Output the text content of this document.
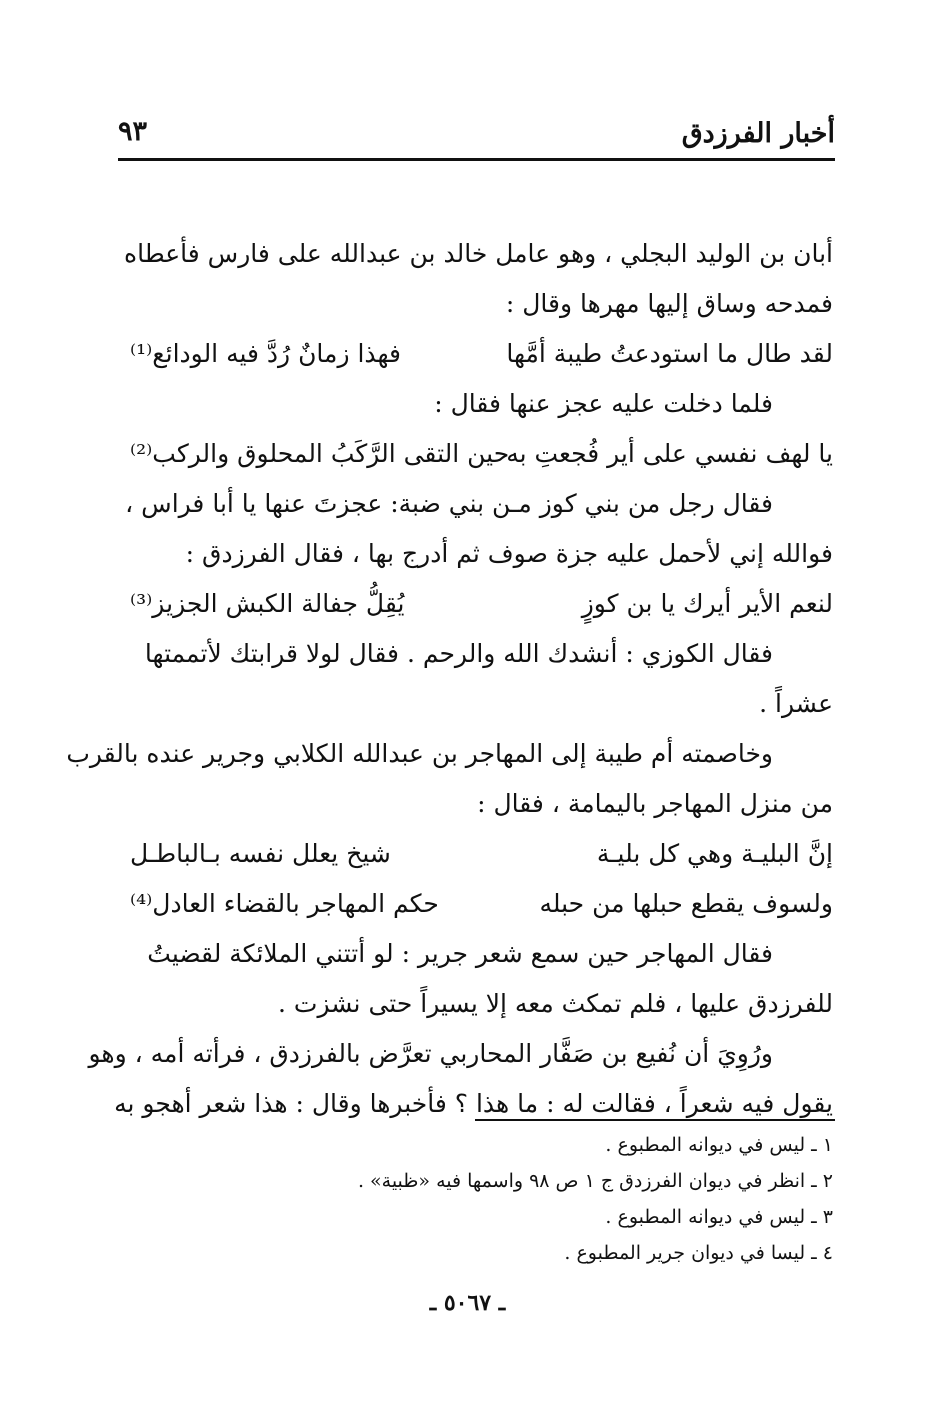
أخبار الفرزدق
٩٣
أبان بن الوليد البجلي ، وهو عامل خالد بن عبدالله على فارس فأعطاه
فمدحه وساق إليها مهرها وقال :
لقد طال ما استودعتُ طيبة أمَّها
فهذا زمانٌ رُدَّ فيه الودائع⁽¹⁾
فلما دخلت عليه عجز عنها فقال :
يا لهف نفسي على أير فُجعتِ به
حين التقى الرَّكَبُ المحلوق والركب⁽²⁾
فقال رجل من بني كوز مـن بني ضبة: عجزتَ عنها يا أبا فراس ،
فوالله إني لأحمل عليه جزة صوف ثم أدرج بها ، فقال الفرزدق :
لنعم الأير أيرك يا بن كوزٍ
يُقِلُّ جفالة الكبش الجزيز⁽³⁾
فقال الكوزي : أنشدك الله والرحم . فقال لولا قرابتك لأتممتها
عشراً .
وخاصمته أم طيبة إلى المهاجر بن عبدالله الكلابي وجرير عنده بالقرب
من منزل المهاجر باليمامة ، فقال :
إنَّ البليـة وهي كل بليـة
شيخ يعلل نفسه بـالباطـل
ولسوف يقطع حبلها من حبله
حكم المهاجر بالقضاء العادل⁽⁴⁾
فقال المهاجر حين سمع شعر جرير : لو أتتني الملائكة لقضيتُ
للفرزدق عليها ، فلم تمكث معه إلا يسيراً حتى نشزت .
ورُوِيَ أن نُفيع بن صَفَّار المحاربي تعرَّض بالفرزدق ، فرأته أمه ، وهو
يقول فيه شعراً ، فقالت له : ما هذا ؟ فأخبرها وقال : هذا شعر أهجو به
١ ـ ليس في ديوانه المطبوع .
٢ ـ انظر في ديوان الفرزدق ج ١ ص ٩٨ واسمها فيه «ظبية» .
٣ ـ ليس في ديوانه المطبوع .
٤ ـ ليسا في ديوان جرير المطبوع .
ـ ٥٠٦٧ ـ
